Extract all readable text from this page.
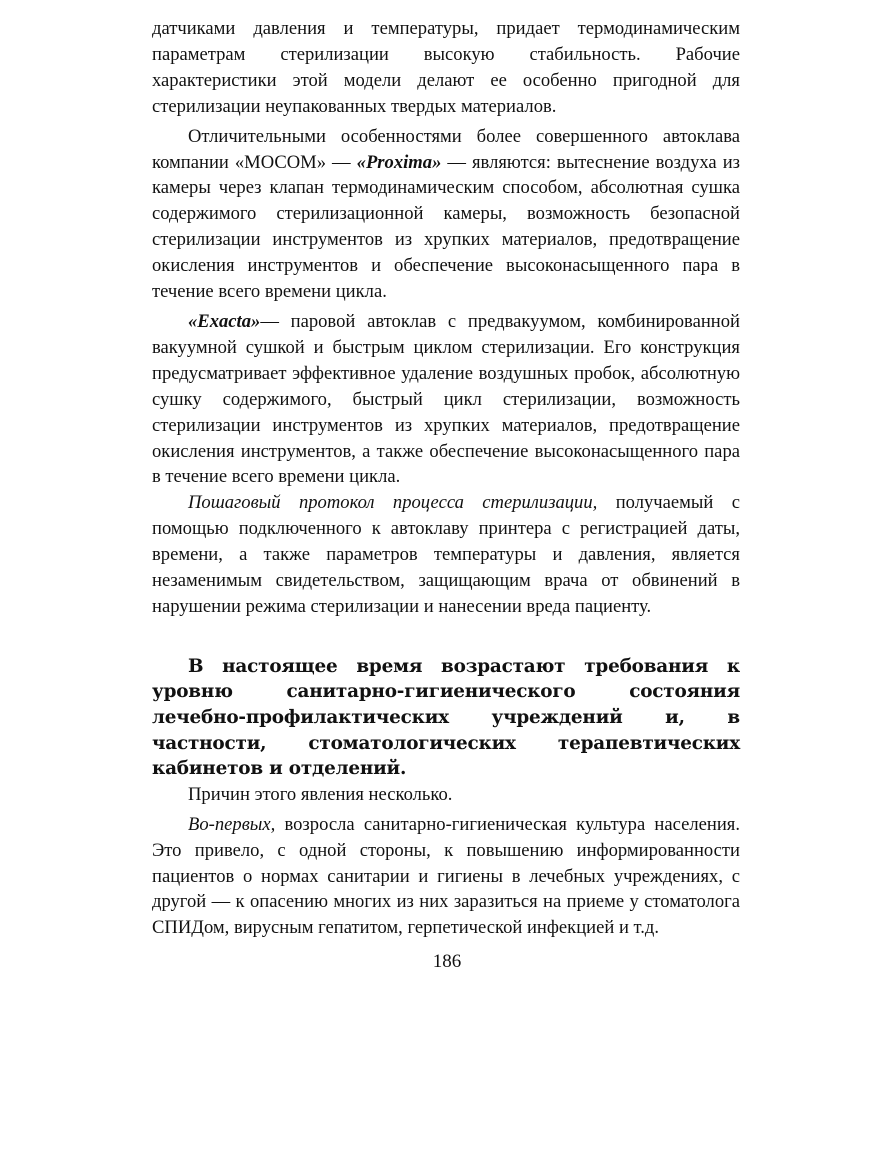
датчиками давления и температуры, придает термодинамическим параметрам стерилизации высокую стабильность. Рабочие характеристики этой модели делают ее особенно пригодной для стерилизации неупакованных твердых материалов.

Отличительными особенностями более совершенного автоклава компании «МОСОМ» — «Proxima» — являются: вытеснение воздуха из камеры через клапан термодинамическим способом, абсолютная сушка содержимого стерилизационной камеры, возможность безопасной стерилизации инструментов из хрупких материалов, предотвращение окисления инструментов и обеспечение высоконасыщенного пара в течение всего времени цикла.

«Exacta»— паровой автоклав с предвакуумом, комбинированной вакуумной сушкой и быстрым циклом стерилизации. Его конструкция предусматривает эффективное удаление воздушных пробок, абсолютную сушку содержимого, быстрый цикл стерилизации, возможность стерилизации инструментов из хрупких материалов, предотвращение окисления инструментов, а также обеспечение высоконасыщенного пара в течение всего времени цикла.

Пошаговый протокол процесса стерилизации, получаемый с помощью подключенного к автоклаву принтера с регистрацией даты, времени, а также параметров температуры и давления, является незаменимым свидетельством, защищающим врача от обвинений в нарушении режима стерилизации и нанесении вреда пациенту.

В настоящее время возрастают требования к уровню санитарно-гигиенического состояния лечебно-профилактических учреждений и, в частности, стоматологических терапевтических кабинетов и отделений.

Причин этого явления несколько.

Во-первых, возросла санитарно-гигиеническая культура населения. Это привело, с одной стороны, к повышению информированности пациентов о нормах санитарии и гигиены в лечебных учреждениях, с другой — к опасению многих из них заразиться на приеме у стоматолога СПИДом, вирусным гепатитом, герпетической инфекцией и т.д.

186
